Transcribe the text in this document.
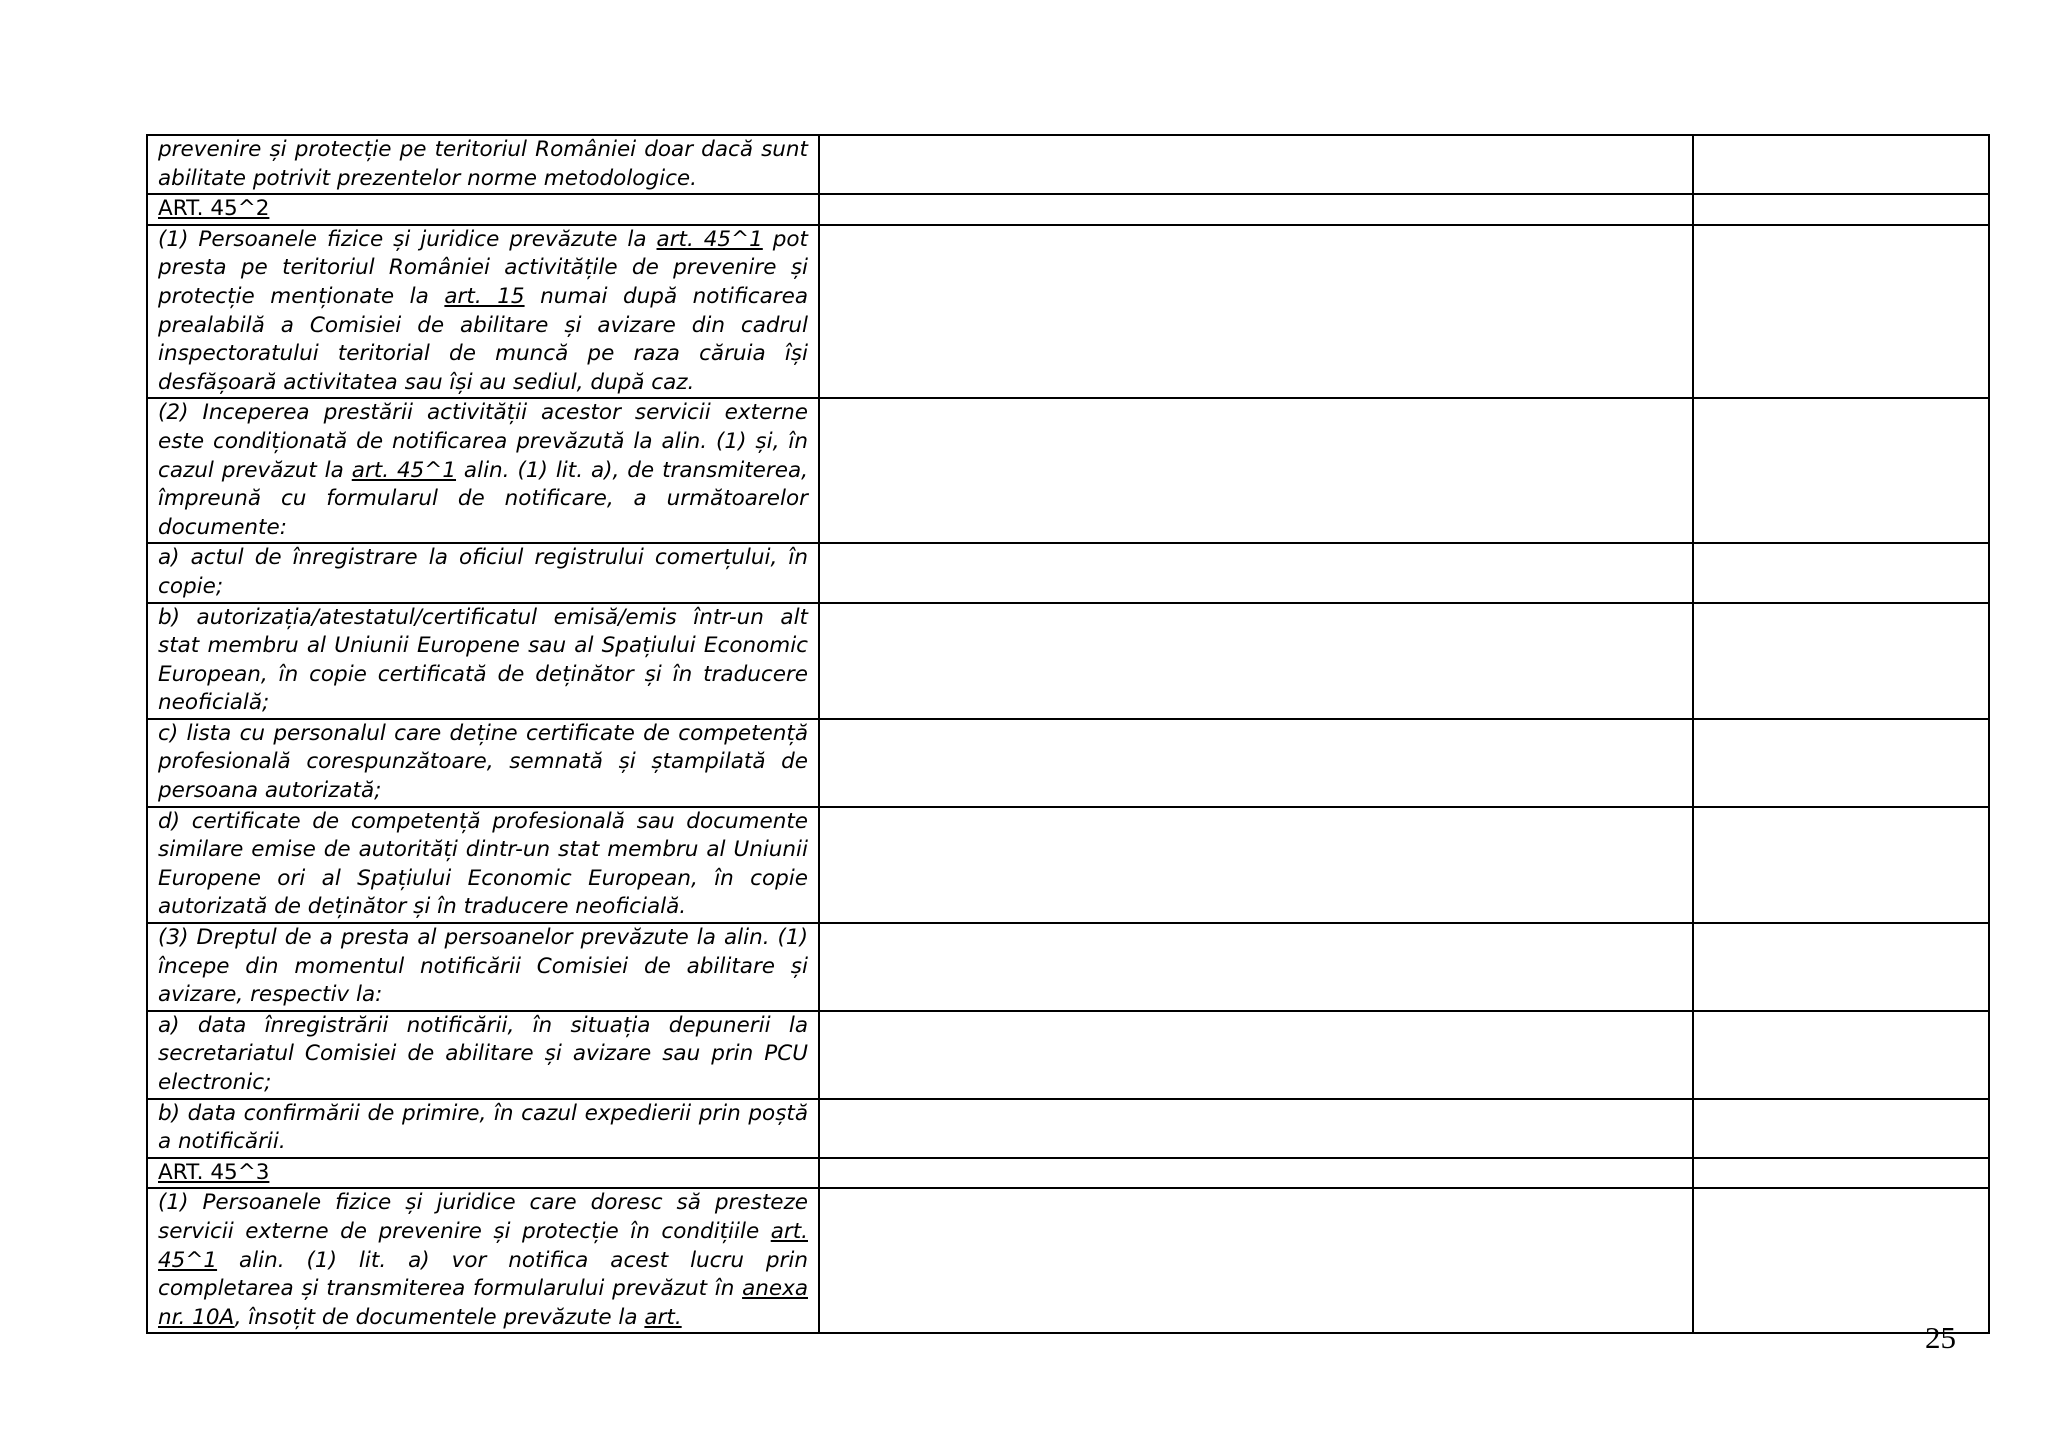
prevenire și protecție pe teritoriul României doar dacă sunt abilitate potrivit prezentelor norme metodologice.		
ART. 45^2		
(1) Persoanele fizice și juridice prevăzute la art. 45^1 pot presta pe teritoriul României activitățile de prevenire și protecție menționate la art. 15 numai după notificarea prealabilă a Comisiei de abilitare și avizare din cadrul inspectoratului teritorial de muncă pe raza căruia își desfășoară activitatea sau își au sediul, după caz.		
(2) Inceperea prestării activității acestor servicii externe este condiționată de notificarea prevăzută la alin. (1) și, în cazul prevăzut la art. 45^1 alin. (1) lit. a), de transmiterea, împreună cu formularul de notificare, a următoarelor documente:		
a) actul de înregistrare la oficiul registrului comerțului, în copie;		
b) autorizația/atestatul/certificatul emisă/emis într-un alt stat membru al Uniunii Europene sau al Spațiului Economic European, în copie certificată de deținător și în traducere neoficială;		
c) lista cu personalul care deține certificate de competență profesională corespunzătoare, semnată și ștampilată de persoana autorizată;		
d) certificate de competență profesională sau documente similare emise de autorități dintr-un stat membru al Uniunii Europene ori al Spațiului Economic European, în copie autorizată de deținător și în traducere neoficială.		
(3) Dreptul de a presta al persoanelor prevăzute la alin. (1) începe din momentul notificării Comisiei de abilitare și avizare, respectiv la:		
a) data înregistrării notificării, în situația depunerii la secretariatul Comisiei de abilitare și avizare sau prin PCU electronic;		
b) data confirmării de primire, în cazul expedierii prin poștă a notificării.		
ART. 45^3		
(1) Persoanele fizice și juridice care doresc să presteze servicii externe de prevenire și protecție în condițiile art. 45^1 alin. (1) lit. a) vor notifica acest lucru prin completarea și transmiterea formularului prevăzut în anexa nr. 10A, însoțit de documentele prevăzute la art.		
25
